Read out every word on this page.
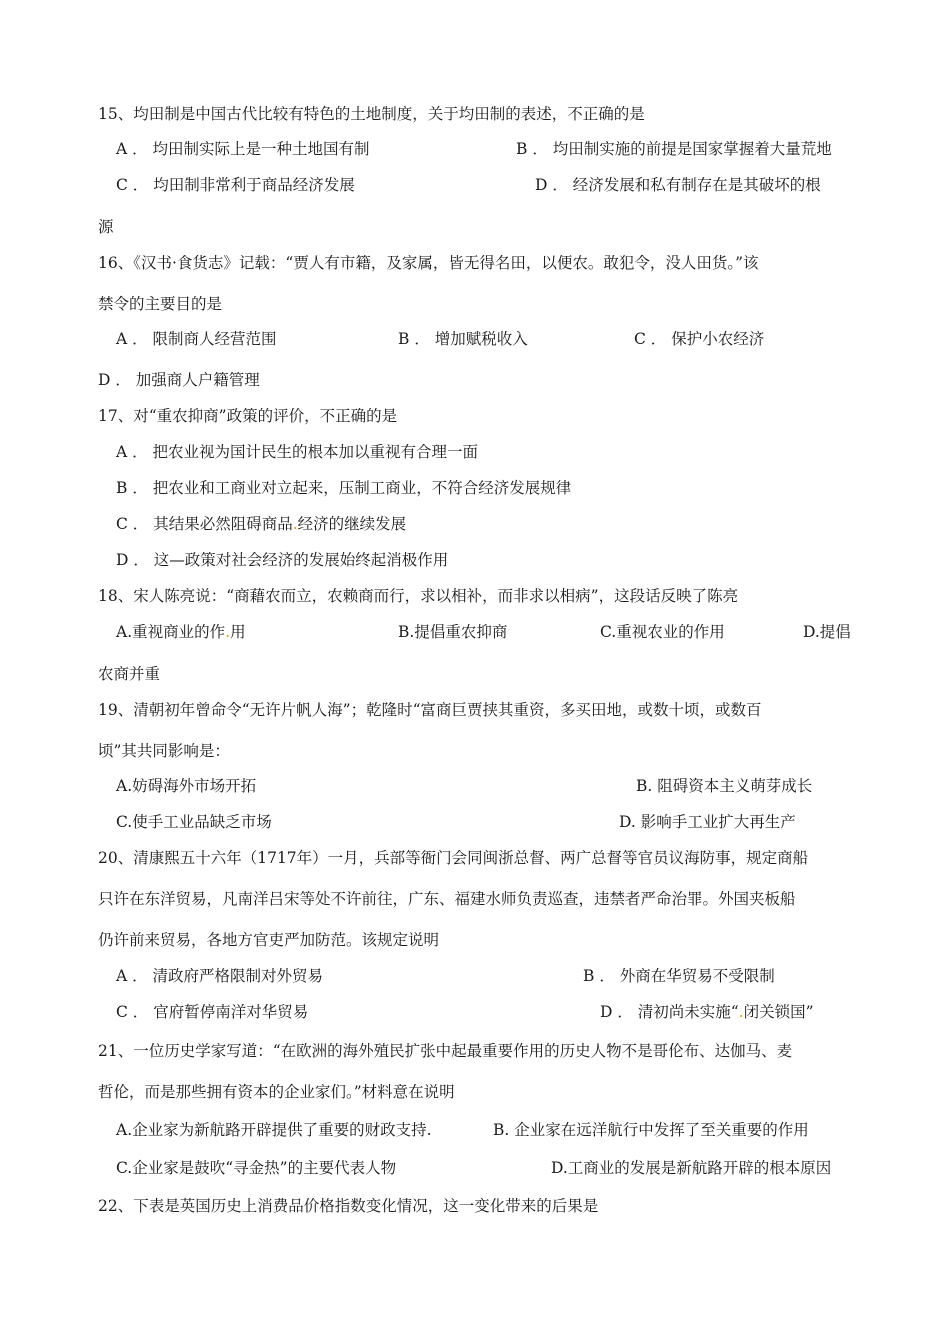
15、均田制是中国古代比较有特色的土地制度，关于均田制的表述，不正确的是
A ． 均田制实际上是一种土地国有制	B ． 均田制实施的前提是国家掌握着大量荒地
C ． 均田制非常利于商品经济发展	D ． 经济发展和私有制存在是其破坏的根
源
16、《汉书·食货志》记载：“贾人有市籍，及家属，皆无得名田，以便农。敢犯令，没人田货。”该
禁令的主要目的是
A ． 限制商人经营范围	B ． 增加赋税收入	C ． 保护小农经济
D ． 加强商人户籍管理
17、对“重农抑商”政策的评价，不正确的是
A ． 把农业视为国计民生的根本加以重视有合理一面
B ． 把农业和工商业对立起来，压制工商业，不符合经济发展规律
C ． 其结果必然阻碍商品.经济的继续发展
D ． 这—政策对社会经济的发展始终起消极作用
18、宋人陈亮说：“商藉农而立，农赖商而行，求以相补，而非求以相病”，这段话反映了陈亮
A.重视商业的作.用	B.提倡重农抑商	C.重视农业的作用	D.提倡
农商并重
19、清朝初年曾命令“无许片帆人海”；乾隆时“富商巨贾挟其重资，多买田地，或数十顷，或数百
顷”其共同影响是：
A.妨碍海外市场开拓	B. 阻碍资本主义萌芽成长
C.使手工业品缺乏市场	D. 影响手工业扩大再生产
20、清康熙五十六年（1717年）一月，兵部等衙门会同闽浙总督、两广总督等官员议海防事，规定商船
只许在东洋贸易，凡南洋吕宋等处不许前往，广东、福建水师负责巡查，违禁者严命治罪。外国夹板船
仍许前来贸易，各地方官吏严加防范。该规定说明
A ． 清政府严格限制对外贸易	B ． 外商在华贸易不受限制
C ． 官府暂停南洋对华贸易	D ． 清初尚未实施“.闭关锁国”
21、一位历史学家写道：“在欧洲的海外殖民扩张中起最重要作用的历史人物不是哥伦布、达伽马、麦
哲伦，而是那些拥有资本的企业家们。”材料意在说明
A.企业家为新航路开辟提供了重要的财政支持.	B. 企业家在远洋航行中发挥了至关重要的作用
C.企业家是鼓吹“寻金热”的主要代表人物	D.工商业的发展是新航路开辟的根本原因
22、下表是英国历史上消费品价格指数变化情况，这一变化带来的后果是
